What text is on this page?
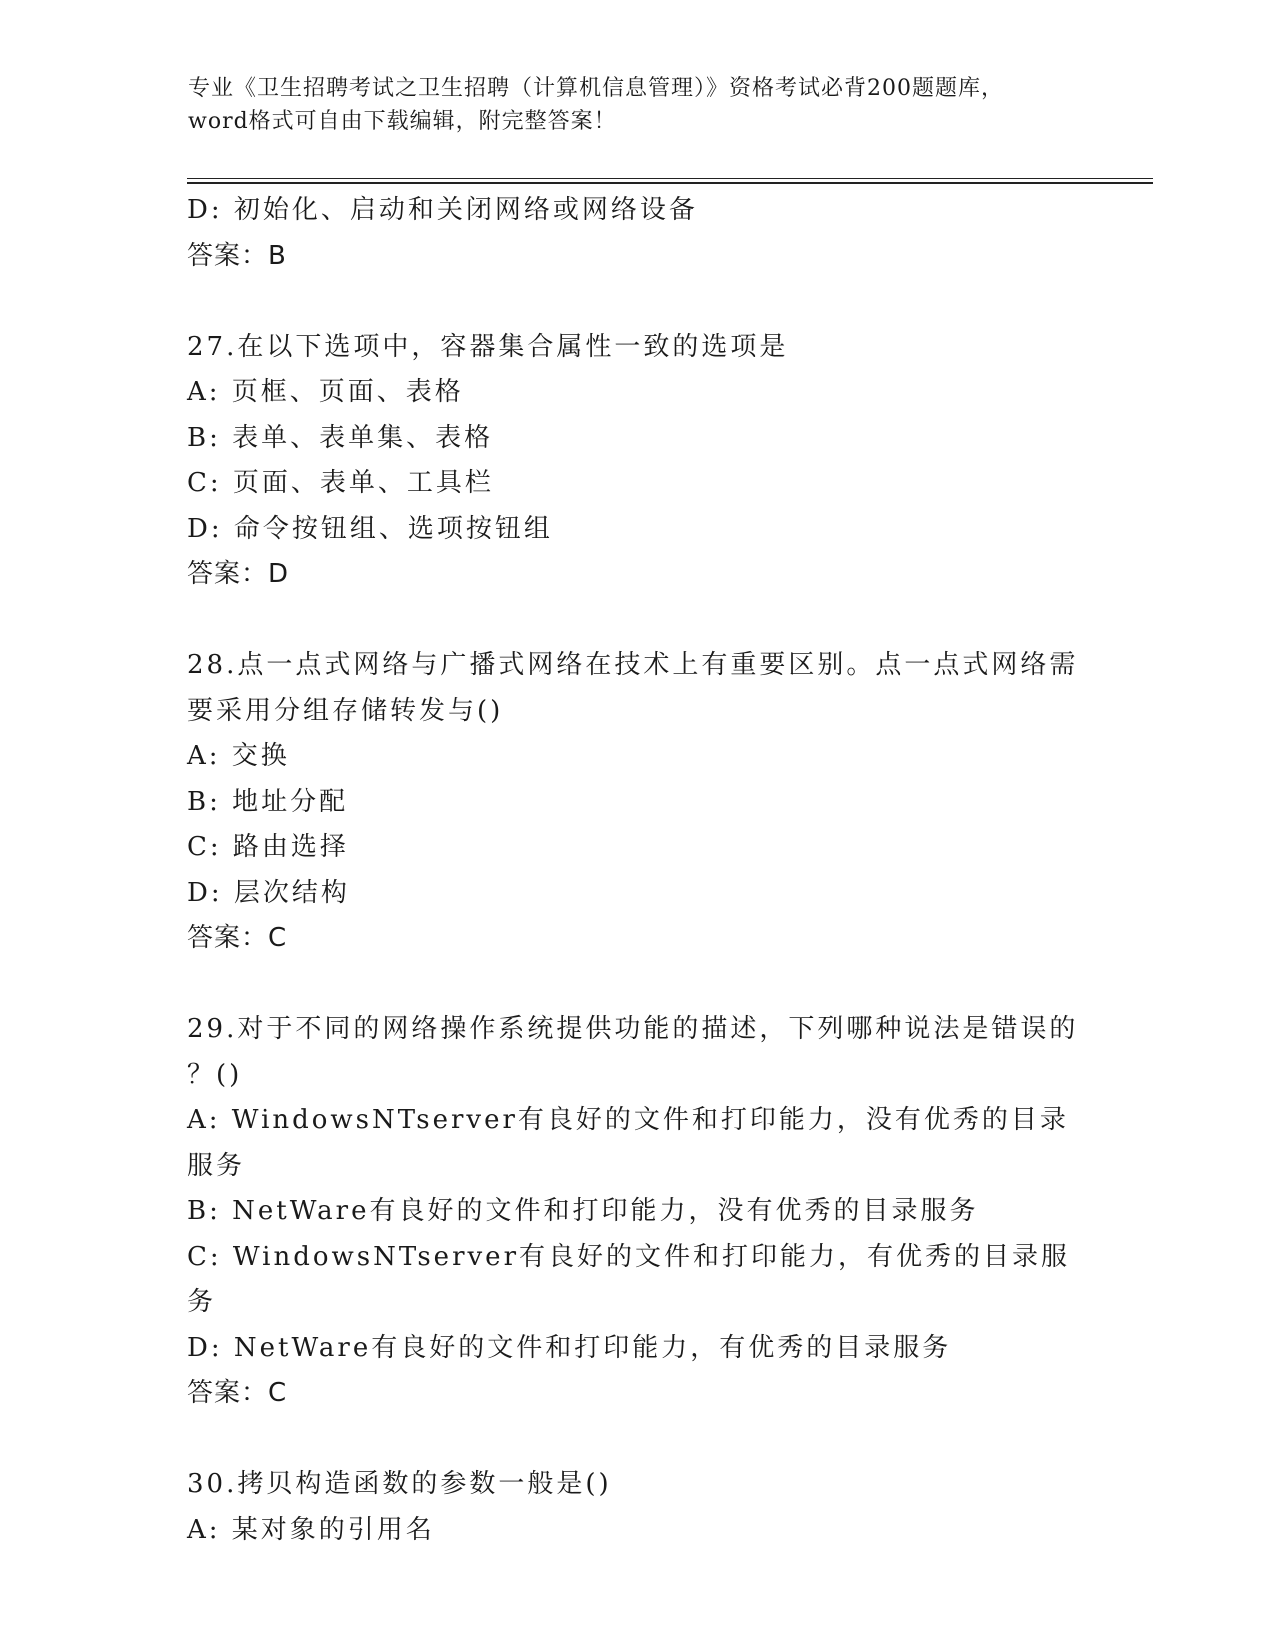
专业《卫生招聘考试之卫生招聘（计算机信息管理）》资格考试必背200题题库，

word格式可自由下载编辑，附完整答案！

D: 初始化、启动和关闭网络或网络设备

答案：B

27.在以下选项中，容器集合属性一致的选项是

A: 页框、页面、表格

B: 表单、表单集、表格

C: 页面、表单、工具栏

D: 命令按钮组、选项按钮组

答案：D

28.点一点式网络与广播式网络在技术上有重要区别。点一点式网络需

要采用分组存储转发与()

A: 交换

B: 地址分配

C: 路由选择

D: 层次结构

答案：C

29.对于不同的网络操作系统提供功能的描述，下列哪种说法是错误的

？()

A: WindowsNTserver有良好的文件和打印能力，没有优秀的目录服务

B: NetWare有良好的文件和打印能力，没有优秀的目录服务

C: WindowsNTserver有良好的文件和打印能力，有优秀的目录服务

D: NetWare有良好的文件和打印能力，有优秀的目录服务

答案：C

30.拷贝构造函数的参数一般是()

A: 某对象的引用名
